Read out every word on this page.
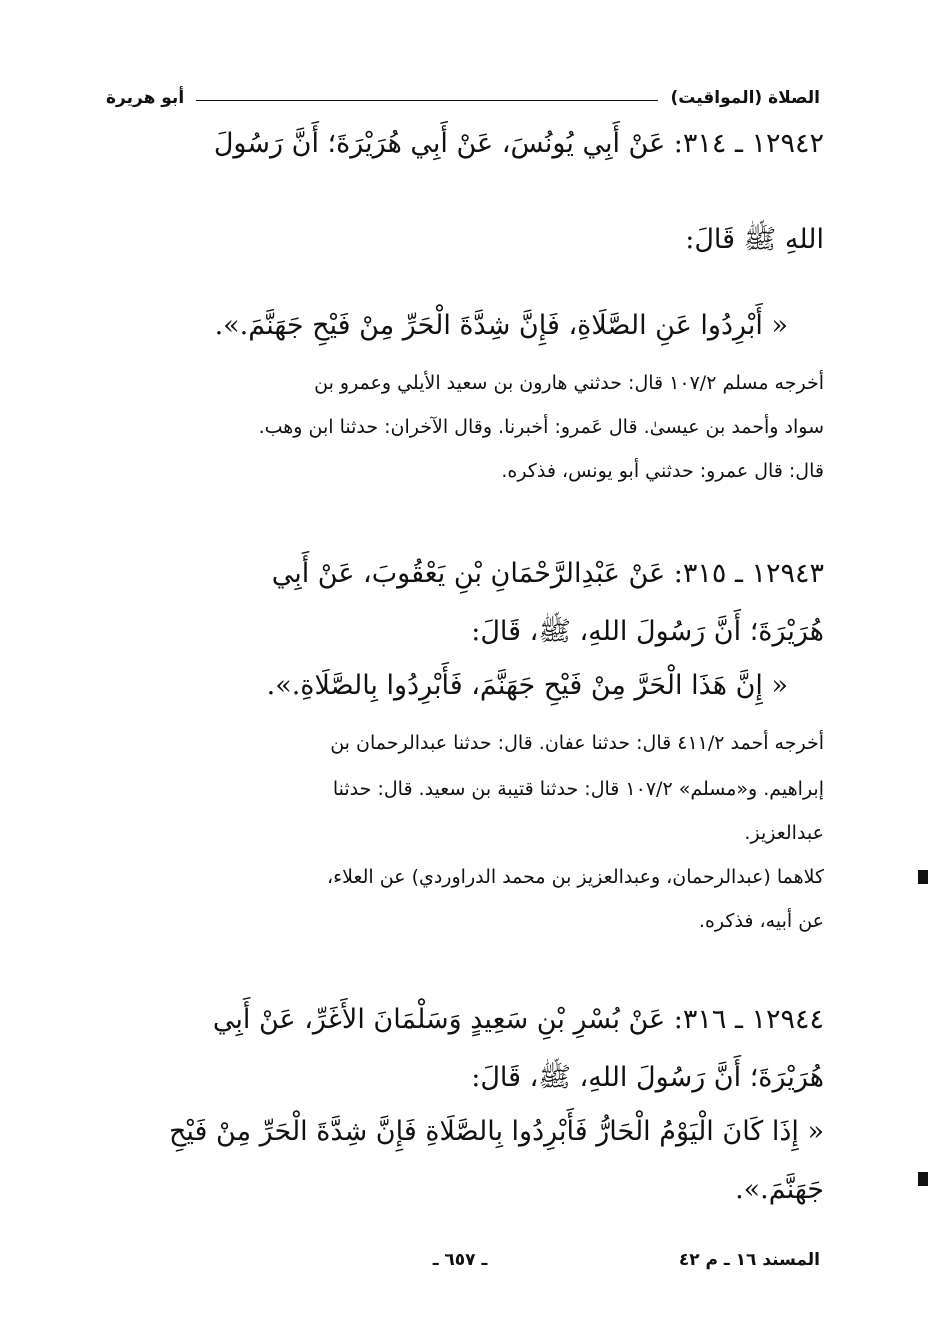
الصلاة (المواقيت)
أبو هريرة
١٢٩٤٢ ـ ٣١٤: عَنْ أَبِي يُونُسَ، عَنْ أَبِي هُرَيْرَةَ؛ أَنَّ رَسُولَ
اللهِ ﷺ قَالَ:
« أَبْرِدُوا عَنِ الصَّلَاةِ، فَإِنَّ شِدَّةَ الْحَرِّ مِنْ فَيْحِ جَهَنَّمَ.».
أخرجه مسلم ١٠٧/٢ قال: حدثني هارون بن سعيد الأيلي وعمرو بن
سواد وأحمد بن عيسىٰ. قال عَمرو: أخبرنا. وقال الآخران: حدثنا ابن وهب.
قال: قال عمرو: حدثني أبو يونس، فذكره.
١٢٩٤٣ ـ ٣١٥: عَنْ عَبْدِالرَّحْمَانِ بْنِ يَعْقُوبَ، عَنْ أَبِي
هُرَيْرَةَ؛ أَنَّ رَسُولَ اللهِ، ﷺ، قَالَ:
« إِنَّ هَذَا الْحَرَّ مِنْ فَيْحِ جَهَنَّمَ، فَأَبْرِدُوا بِالصَّلَاةِ.».
أخرجه أحمد ٤١١/٢ قال: حدثنا عفان. قال: حدثنا عبدالرحمان بن
إبراهيم. و«مسلم» ١٠٧/٢ قال: حدثنا قتيبة بن سعيد. قال: حدثنا
عبدالعزيز.
كلاهما (عبدالرحمان، وعبدالعزيز بن محمد الدراوردي) عن العلاء،
عن أبيه، فذكره.
١٢٩٤٤ ـ ٣١٦: عَنْ بُسْرِ بْنِ سَعِيدٍ وَسَلْمَانَ الأَغَرِّ، عَنْ أَبِي
هُرَيْرَةَ؛ أَنَّ رَسُولَ اللهِ، ﷺ، قَالَ:
« إِذَا كَانَ الْيَوْمُ الْحَارُّ فَأَبْرِدُوا بِالصَّلَاةِ فَإِنَّ شِدَّةَ الْحَرِّ مِنْ فَيْحِ
جَهَنَّمَ.».
المسند ١٦ ـ م ٤٢
ـ ٦٥٧ ـ
